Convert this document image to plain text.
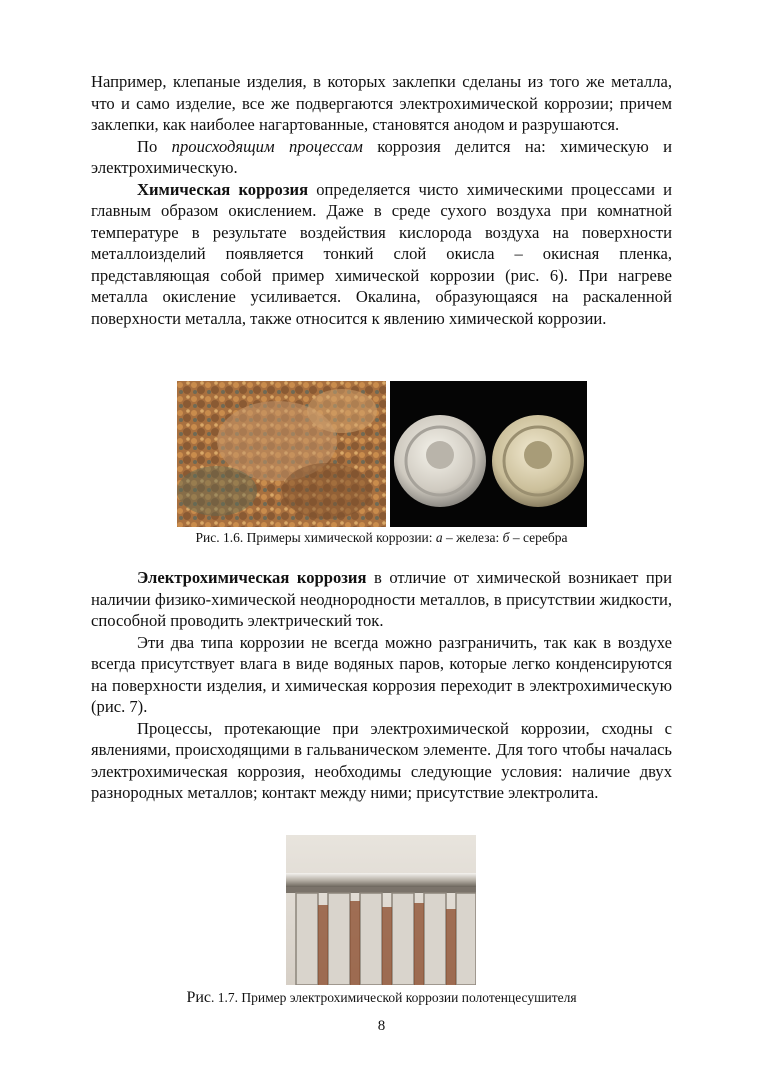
Например, клепаные изделия, в которых заклепки сделаны из того же металла, что и само изделие, все же подвергаются электрохимической коррозии; причем заклепки, как наиболее нагартованные, становятся анодом и разрушаются.

По происходящим процессам коррозия делится на: химическую и электрохимическую.

Химическая коррозия определяется чисто химическими процессами и главным образом окислением. Даже в среде сухого воздуха при комнатной температуре в результате воздействия кислорода воздуха на поверхности металлоизделий появляется тонкий слой окисла – окисная пленка, представляющая собой пример химической коррозии (рис. 6). При нагреве металла окисление усиливается. Окалина, образующаяся на раскаленной поверхности металла, также относится к явлению химической коррозии.

Рис. 1.6. Примеры химической коррозии: а – железа: б – серебра

Электрохимическая коррозия в отличие от химической возникает при наличии физико-химической неоднородности металлов, в присутствии жидкости, способной проводить электрический ток.

Эти два типа коррозии не всегда можно разграничить, так как в воздухе всегда присутствует влага в виде водяных паров, которые легко конденсируются на поверхности изделия, и химическая коррозия переходит в электрохимическую (рис. 7).

Процессы, протекающие при электрохимической коррозии, сходны с явлениями, происходящими в гальваническом элементе. Для того чтобы началась электрохимическая коррозия, необходимы следующие условия: наличие двух разнородных металлов; контакт между ними; присутствие электролита.

Рис. 1.7. Пример электрохимической коррозии полотенцесушителя
8
